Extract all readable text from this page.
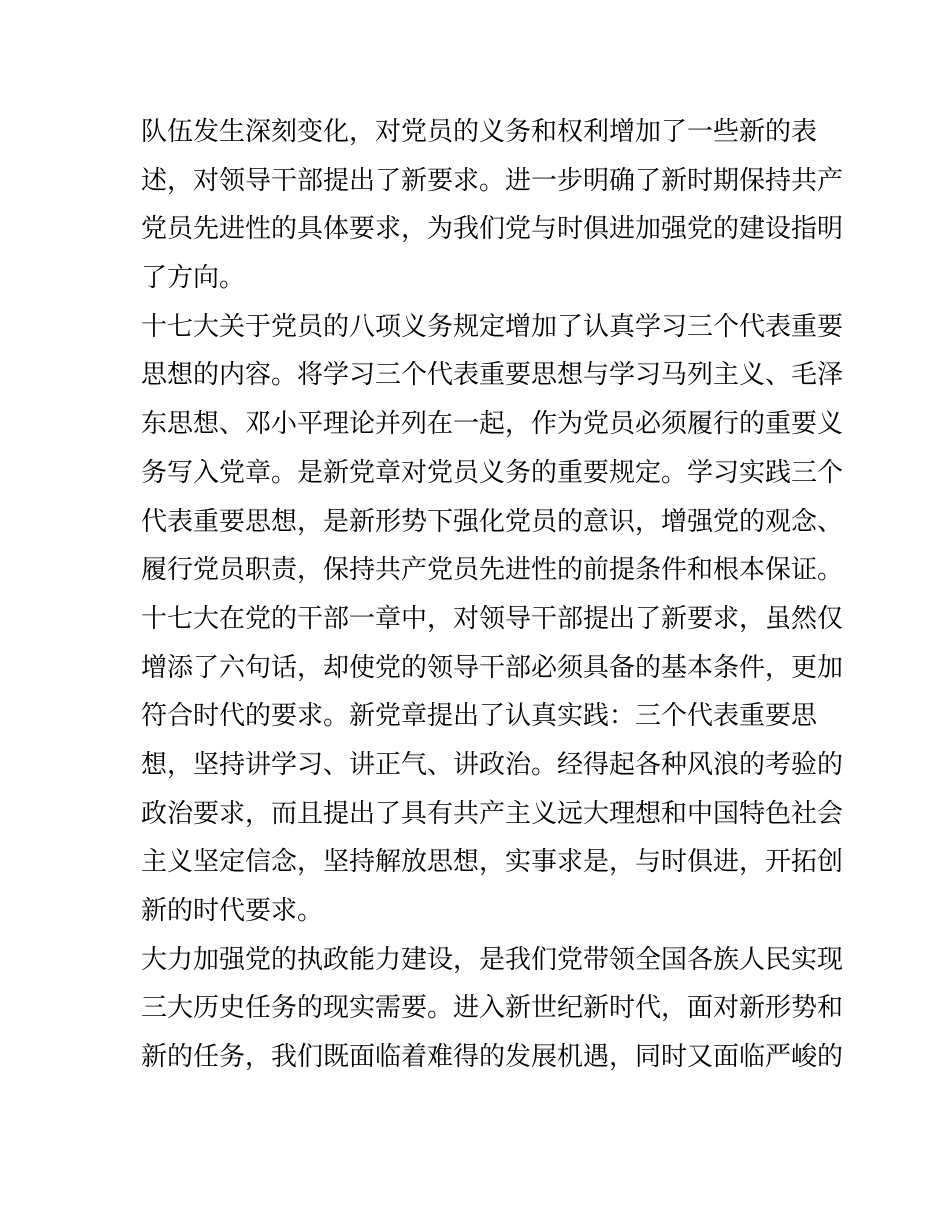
队伍发生深刻变化，对党员的义务和权利增加了一些新的表
述，对领导干部提出了新要求。进一步明确了新时期保持共产
党员先进性的具体要求，为我们党与时俱进加强党的建设指明
了方向。
十七大关于党员的八项义务规定增加了认真学习三个代表重要
思想的内容。将学习三个代表重要思想与学习马列主义、毛泽
东思想、邓小平理论并列在一起，作为党员必须履行的重要义
务写入党章。是新党章对党员义务的重要规定。学习实践三个
代表重要思想，是新形势下强化党员的意识，增强党的观念、
履行党员职责，保持共产党员先进性的前提条件和根本保证。
十七大在党的干部一章中，对领导干部提出了新要求，虽然仅
增添了六句话，却使党的领导干部必须具备的基本条件，更加
符合时代的要求。新党章提出了认真实践：三个代表重要思
想，坚持讲学习、讲正气、讲政治。经得起各种风浪的考验的
政治要求，而且提出了具有共产主义远大理想和中国特色社会
主义坚定信念，坚持解放思想，实事求是，与时俱进，开拓创
新的时代要求。
大力加强党的执政能力建设，是我们党带领全国各族人民实现
三大历史任务的现实需要。进入新世纪新时代，面对新形势和
新的任务，我们既面临着难得的发展机遇，同时又面临严峻的
